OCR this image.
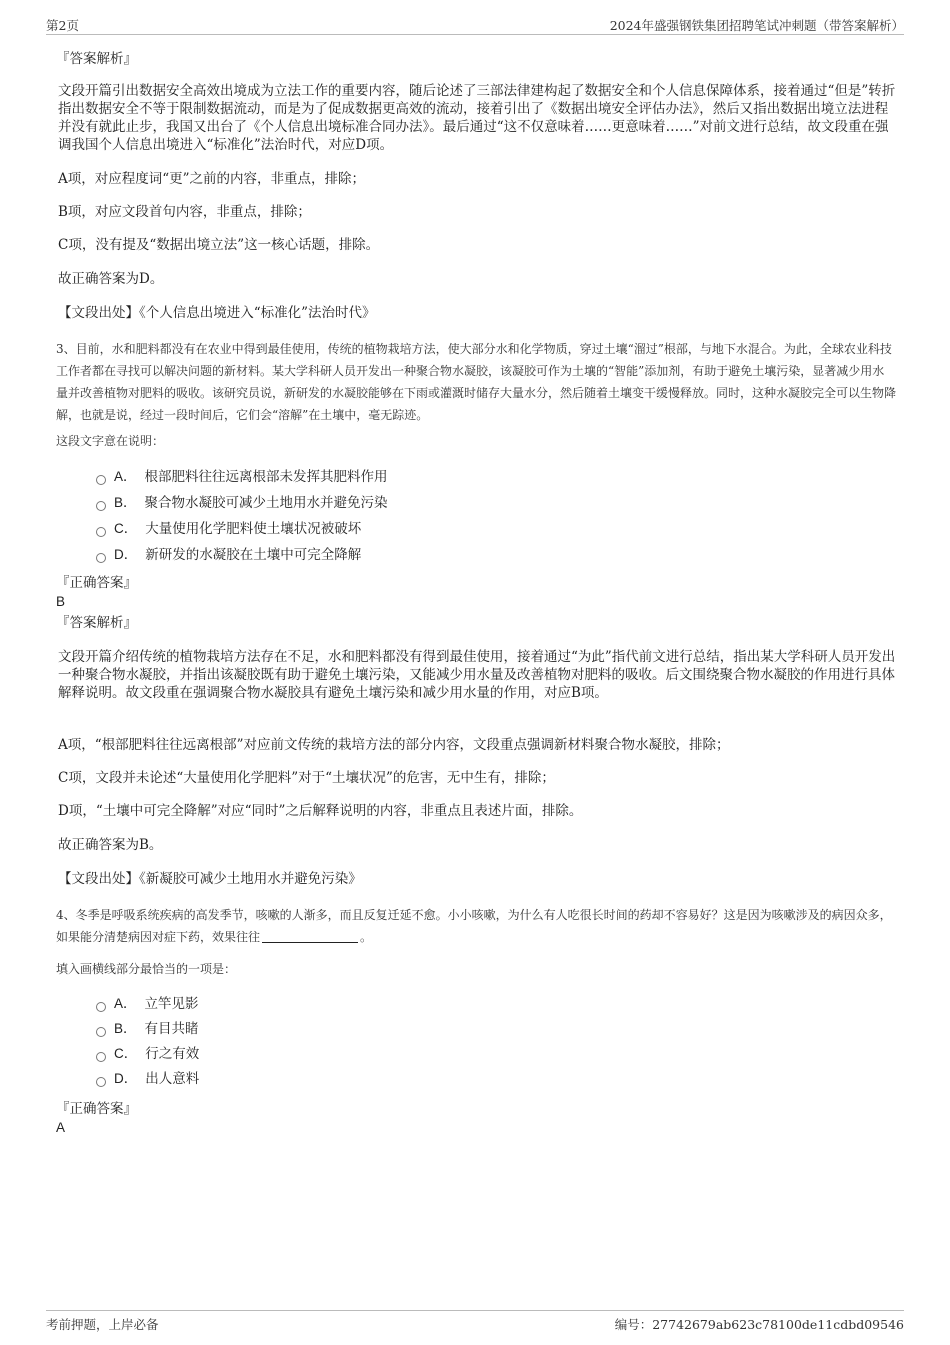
第2页	2024年盛强钢铁集团招聘笔试冲刺题（带答案解析）
『答案解析』
文段开篇引出数据安全高效出境成为立法工作的重要内容，随后论述了三部法律建构起了数据安全和个人信息保障体系，接着通过“但是”转折指出数据安全不等于限制数据流动，而是为了促成数据更高效的流动，接着引出了《数据出境安全评估办法》，然后又指出数据出境立法进程并没有就此止步，我国又出台了《个人信息出境标准合同办法》。最后通过“这不仅意味着……更意味着……”对前文进行总结，故文段重在强调我国个人信息出境进入“标准化”法治时代，对应D项。
A项，对应程度词“更”之前的内容，非重点，排除；
B项，对应文段首句内容，非重点，排除；
C项，没有提及“数据出境立法”这一核心话题，排除。
故正确答案为D。
【文段出处】《个人信息出境进入“标准化”法治时代》
3、目前，水和肥料都没有在农业中得到最佳使用，传统的植物栽培方法，使大部分水和化学物质，穿过土壤“溜过”根部，与地下水混合。为此，全球农业科技工作者都在寻找可以解决问题的新材料。某大学科研人员开发出一种聚合物水凝胶，该凝胶可作为土壤的“智能”添加剂，有助于避免土壤污染，显著减少用水量并改善植物对肥料的吸收。该研究员说，新研发的水凝胶能够在下雨或灌溉时储存大量水分，然后随着土壤变干缓慢释放。同时，这种水凝胶完全可以生物降解，也就是说，经过一段时间后，它们会“溶解”在土壤中，毫无踪迹。
这段文字意在说明：
A． 根部肥料往往远离根部未发挥其肥料作用
B． 聚合物水凝胶可减少土地用水并避免污染
C． 大量使用化学肥料使土壤状况被破坏
D． 新研发的水凝胶在土壤中可完全降解
『正确答案』
B
『答案解析』
文段开篇介绍传统的植物栽培方法存在不足，水和肥料都没有得到最佳使用，接着通过“为此”指代前文进行总结，指出某大学科研人员开发出一种聚合物水凝胶，并指出该凝胶既有助于避免土壤污染，又能减少用水量及改善植物对肥料的吸收。后文围绕聚合物水凝胶的作用进行具体解释说明。故文段重在强调聚合物水凝胶具有避免土壤污染和减少用水量的作用，对应B项。
A项，“根部肥料往往远离根部”对应前文传统的栽培方法的部分内容，文段重点强调新材料聚合物水凝胶，排除；
C项，文段并未论述“大量使用化学肥料”对于“土壤状况”的危害，无中生有，排除；
D项，“土壤中可完全降解”对应“同时”之后解释说明的内容，非重点且表述片面，排除。
故正确答案为B。
【文段出处】《新凝胶可减少土地用水并避免污染》
4、冬季是呼吸系统疾病的高发季节，咳嗽的人渐多，而且反复迁延不愈。小小咳嗽，为什么有人吃很长时间的药却不容易好？这是因为咳嗽涉及的病因众多，如果能分清楚病因对症下药，效果往往	。
填入画横线部分最恰当的一项是：
A． 立竿见影
B． 有目共睹
C． 行之有效
D． 出人意料
『正确答案』
A
考前押题，上岸必备	编号：27742679ab623c78100de11cdbd09546
